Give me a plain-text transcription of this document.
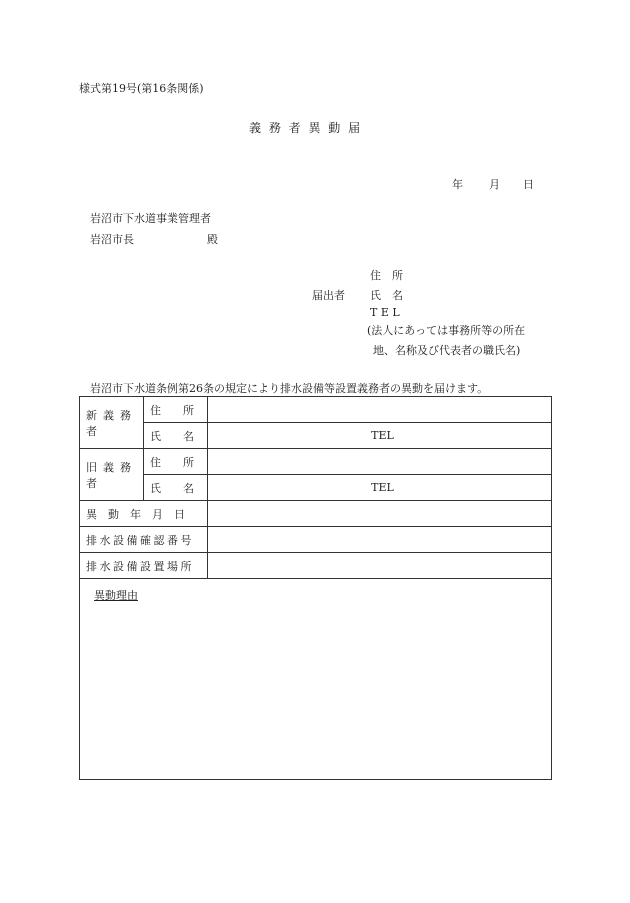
様式第19号(第16条関係)
義 務 者 異 動 届
年 月 日
岩沼市下水道事業管理者
岩沼市長	殿
住　所
届出者 氏　名
T E L
(法人にあっては事務所等の所在
地、名称及び代表者の職氏名)
岩沼市下水道条例第26条の規定により排水設備等設置義務者の異動を届けます。
新義務者	住　　所	
	氏　　名	TEL
旧義務者	住　　所	
	氏　　名	TEL
異　動　年　月　日		
排水設備確認番号		
排水設備設置場所		
異動理由		
